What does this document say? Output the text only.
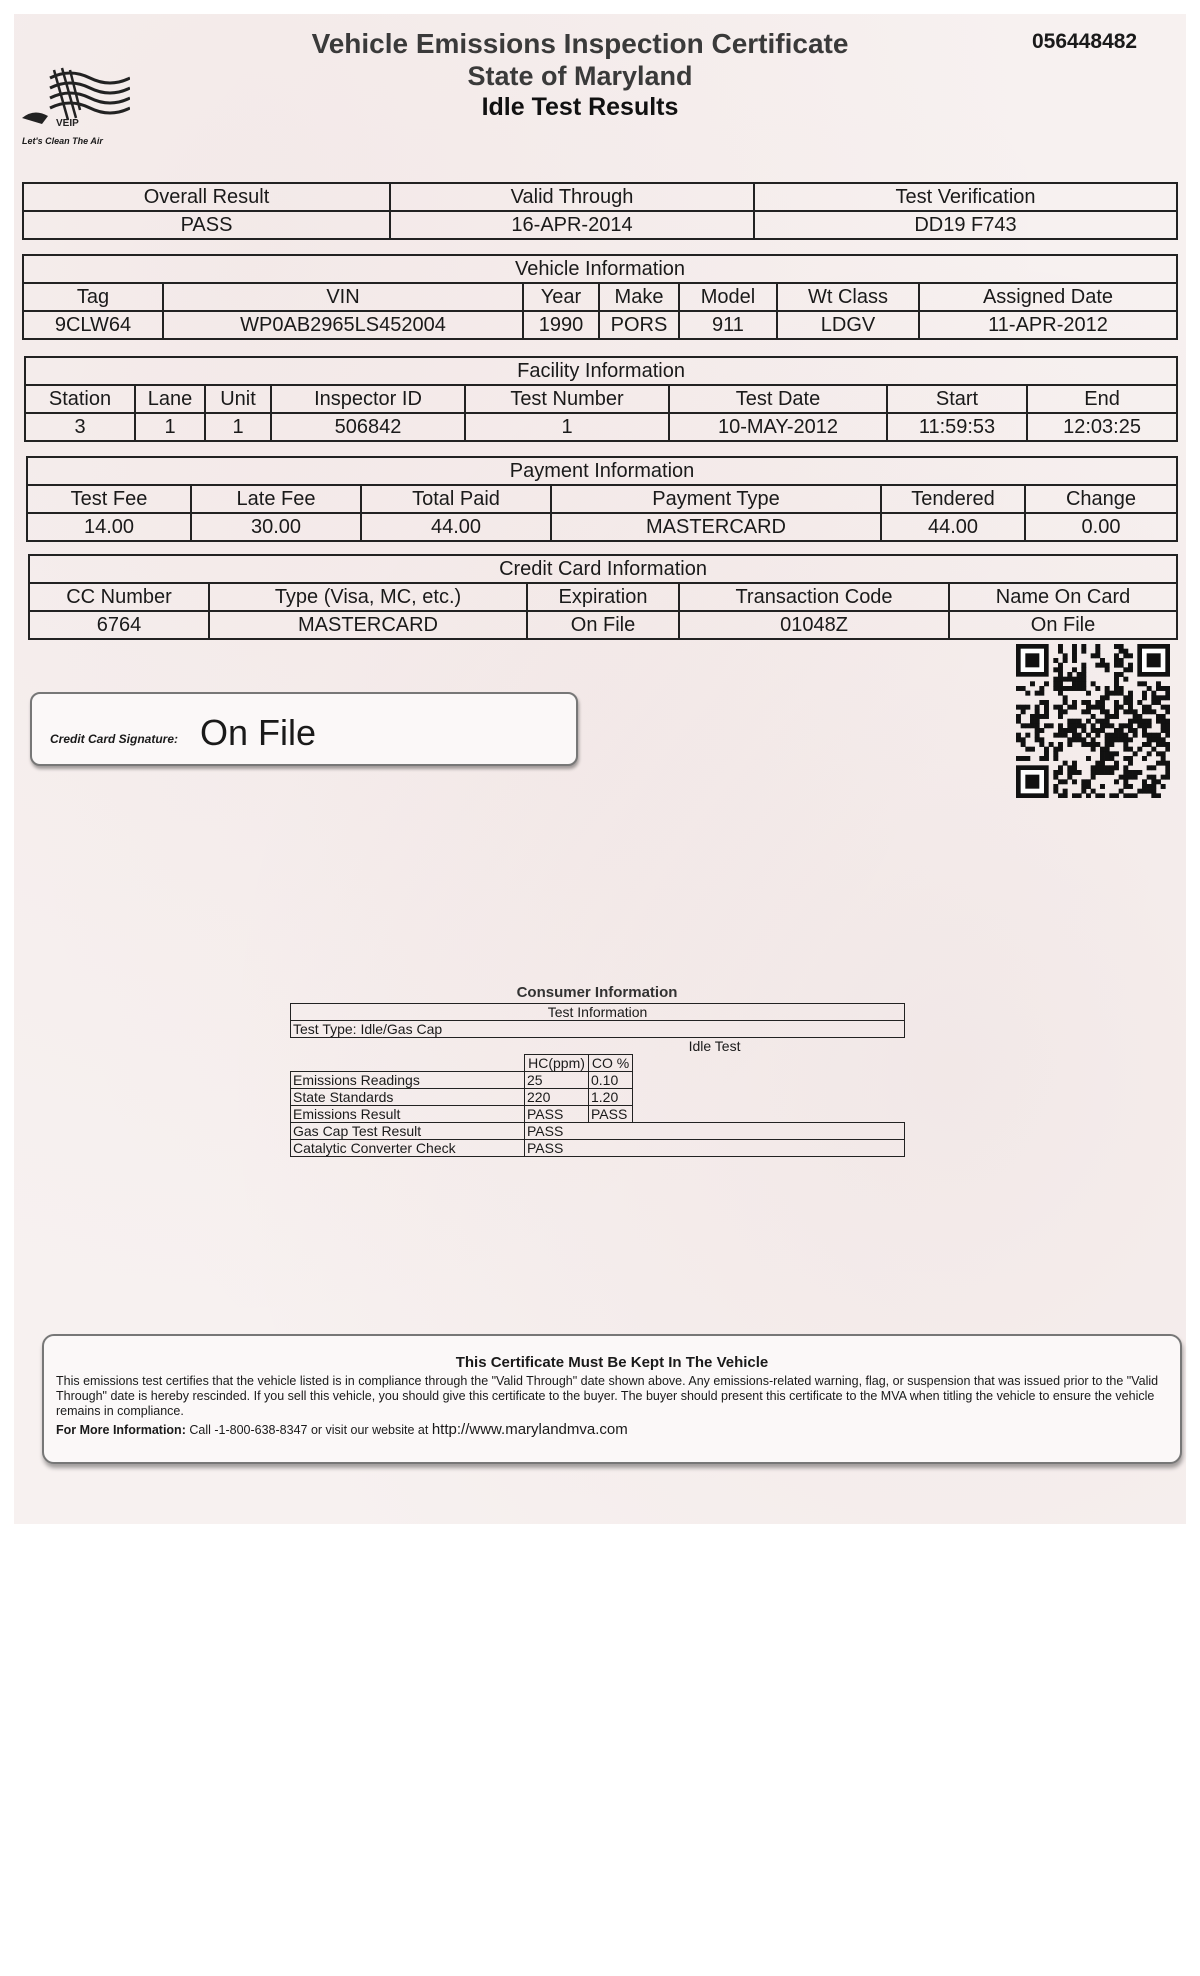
VEIP
Let's Clean The Air
Vehicle Emissions Inspection Certificate
State of Maryland
Idle Test Results
056448482
Overall Result	Valid Through	Test Verification
PASS	16-APR-2014	DD19 F743
Vehicle Information						
Tag	VIN	Year	Make	Model	Wt Class	Assigned Date
9CLW64	WP0AB2965LS452004	1990	PORS	911	LDGV	11-APR-2012
Facility Information							
Station	Lane	Unit	Inspector ID	Test Number	Test Date	Start	End
3	1	1	506842	1	10-MAY-2012	11:59:53	12:03:25
Payment Information					
Test Fee	Late Fee	Total Paid	Payment Type	Tendered	Change
14.00	30.00	44.00	MASTERCARD	44.00	0.00
Credit Card Information				
CC Number	Type (Visa, MC, etc.)	Expiration	Transaction Code	Name On Card
6764	MASTERCARD	On File	01048Z	On File
Credit Card Signature: On File
Consumer Information
Test Information			
Test Type: Idle/Gas Cap			
	Idle Test		
	HC(ppm)	CO %	
Emissions Readings	25	0.10	
State Standards	220	1.20	
Emissions Result	PASS	PASS	
Gas Cap Test Result	PASS		
Catalytic Converter Check	PASS		
This Certificate Must Be Kept In The Vehicle
This emissions test certifies that the vehicle listed is in compliance through the "Valid Through" date shown above. Any emissions-related warning, flag, or suspension that was issued prior to the "Valid Through" date is hereby rescinded. If you sell this vehicle, you should give this certificate to the buyer. The buyer should present this certificate to the MVA when titling the vehicle to ensure the vehicle remains in compliance.
For More Information: Call -1-800-638-8347 or visit our website at http://www.marylandmva.com
